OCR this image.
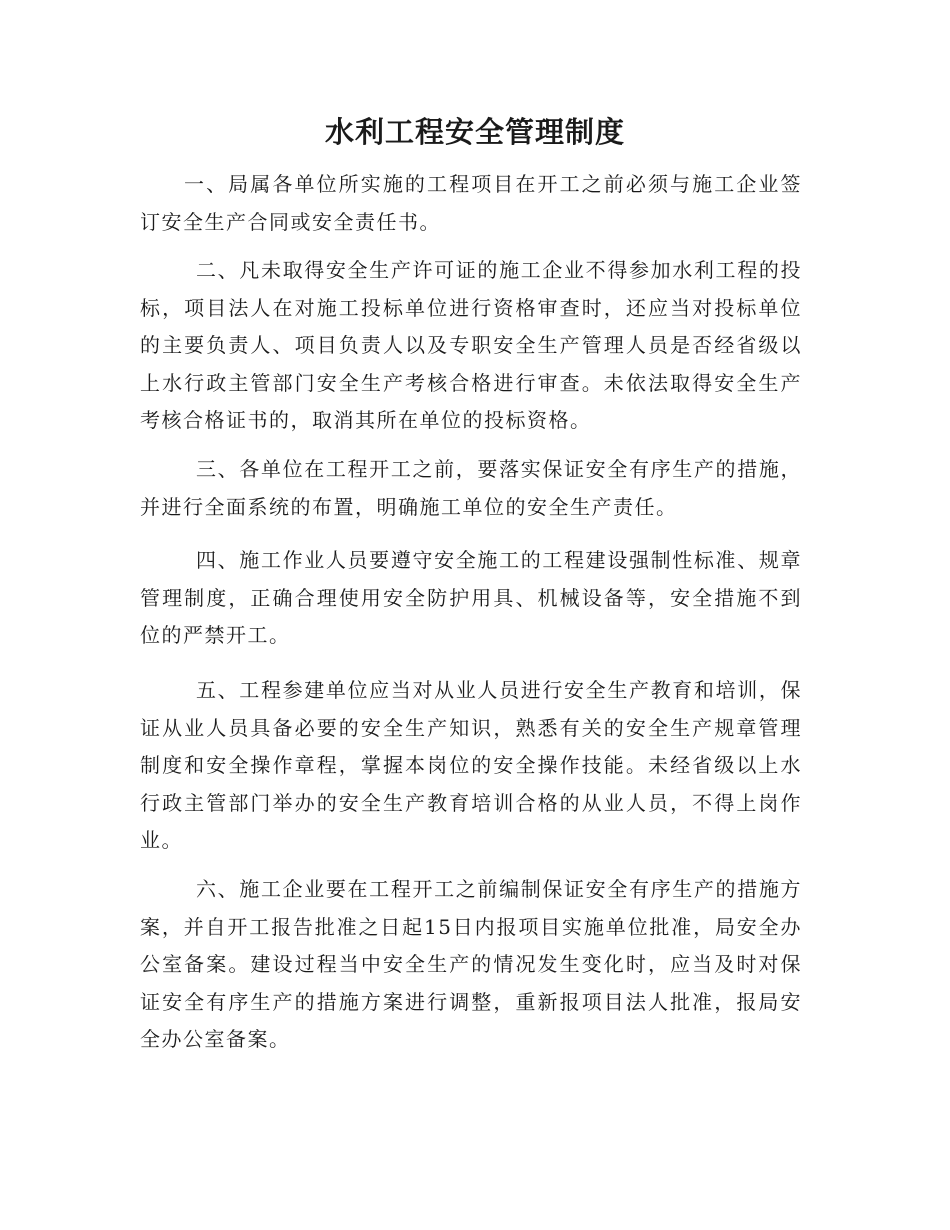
水利工程安全管理制度

一、局属各单位所实施的工程项目在开工之前必须与施工企业签订安全生产合同或安全责任书。

二、凡未取得安全生产许可证的施工企业不得参加水利工程的投标，项目法人在对施工投标单位进行资格审查时，还应当对投标单位的主要负责人、项目负责人以及专职安全生产管理人员是否经省级以上水行政主管部门安全生产考核合格进行审查。未依法取得安全生产考核合格证书的，取消其所在单位的投标资格。

三、各单位在工程开工之前，要落实保证安全有序生产的措施，并进行全面系统的布置，明确施工单位的安全生产责任。

四、施工作业人员要遵守安全施工的工程建设强制性标准、规章管理制度，正确合理使用安全防护用具、机械设备等，安全措施不到位的严禁开工。

五、工程参建单位应当对从业人员进行安全生产教育和培训，保证从业人员具备必要的安全生产知识，熟悉有关的安全生产规章管理制度和安全操作章程，掌握本岗位的安全操作技能。未经省级以上水行政主管部门举办的安全生产教育培训合格的从业人员，不得上岗作业。

六、施工企业要在工程开工之前编制保证安全有序生产的措施方案，并自开工报告批准之日起15日内报项目实施单位批准，局安全办公室备案。建设过程当中安全生产的情况发生变化时，应当及时对保证安全有序生产的措施方案进行调整，重新报项目法人批准，报局安全办公室备案。
